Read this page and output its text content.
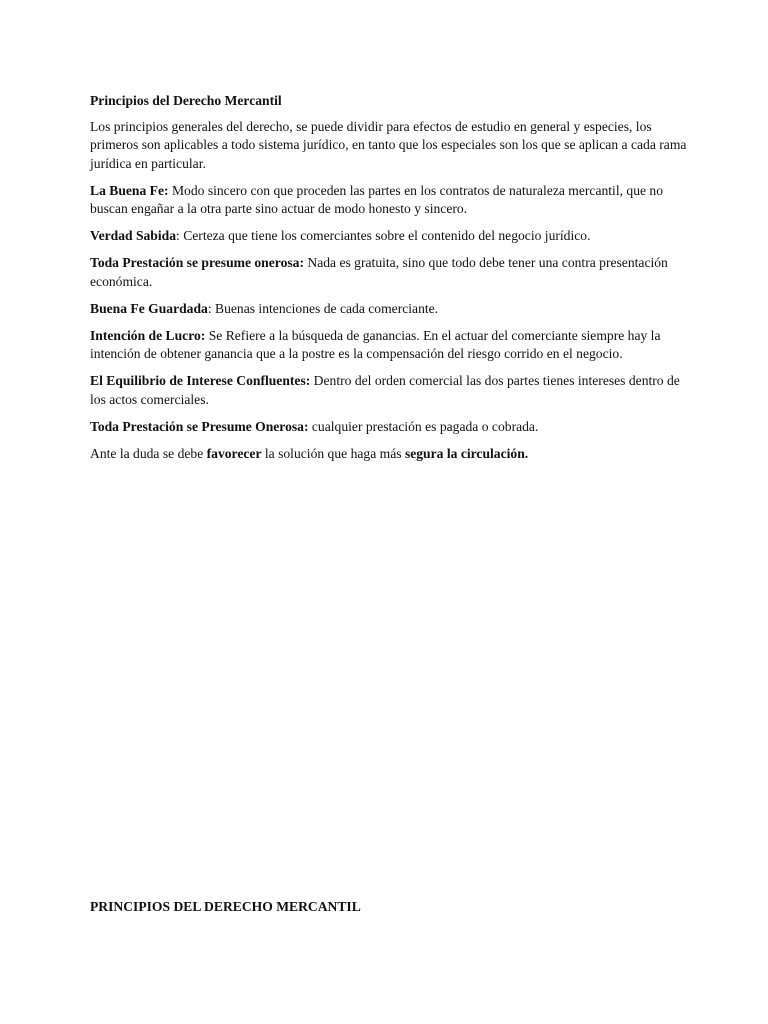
Principios del Derecho Mercantil

Los principios generales del derecho, se puede dividir para efectos de estudio en general y especies, los primeros son aplicables a todo sistema jurídico, en tanto que los especiales son los que se aplican a cada rama jurídica en particular.

La Buena Fe: Modo sincero con que proceden las partes en los contratos de naturaleza mercantil, que no buscan engañar a la otra parte sino actuar de modo honesto y sincero.

Verdad Sabida: Certeza que tiene los comerciantes sobre el contenido del negocio jurídico.

Toda Prestación se presume onerosa: Nada es gratuita, sino que todo debe tener una contra presentación económica.

Buena Fe Guardada: Buenas intenciones de cada comerciante.

Intención de Lucro: Se Refiere a la búsqueda de ganancias. En el actuar del comerciante siempre hay la intención de obtener ganancia que a la postre es la compensación del riesgo corrido en el negocio.

El Equilibrio de Interese Confluentes: Dentro del orden comercial las dos partes tienes intereses dentro de los actos comerciales.

Toda Prestación se Presume Onerosa: cualquier prestación es pagada o cobrada.

Ante la duda se debe favorecer la solución que haga más segura la circulación.

PRINCIPIOS DEL DERECHO MERCANTIL
